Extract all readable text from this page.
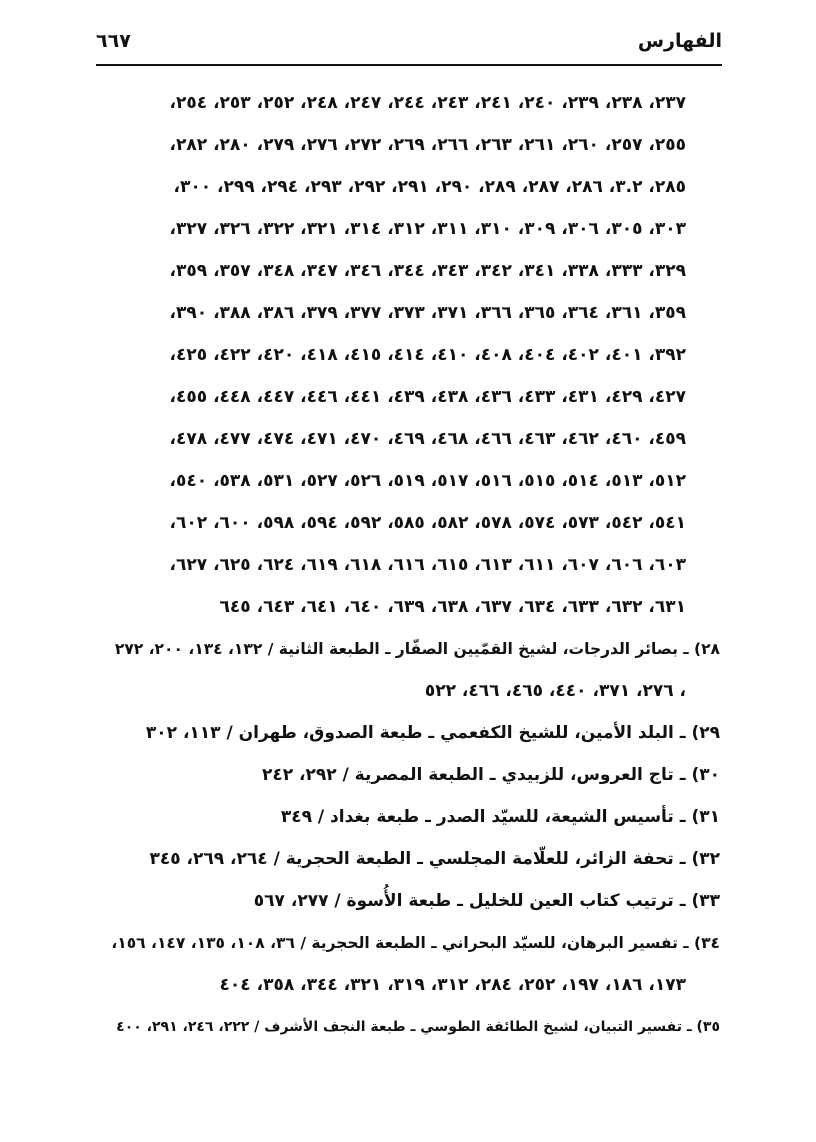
الفهارس
٦٦٧
٢٣٧، ٢٣٨، ٢٣٩، ٢٤٠، ٢٤١، ٢٤٣، ٢٤٤، ٢٤٧، ٢٤٨، ٢٥٢، ٢٥٣، ٢٥٤،
٢٥٥، ٢٥٧، ٢٦٠، ٢٦١، ٢٦٣، ٢٦٦، ٢٦٩، ٢٧٢، ٢٧٦، ٢٧٩، ٢٨٠، ٢٨٢،
٢٨٥، ٣.٢، ٢٨٦، ٢٨٧، ٢٨٩، ٢٩٠، ٢٩١، ٢٩٢، ٢٩٣، ٢٩٤، ٢٩٩، ٣٠٠،
٣٠٣، ٣٠٥، ٣٠٦، ٣٠٩، ٣١٠، ٣١١، ٣١٢، ٣١٤، ٣٢١، ٣٢٢، ٣٢٦، ٣٢٧،
٣٢٩، ٣٣٣، ٣٣٨، ٣٤١، ٣٤٢، ٣٤٣، ٣٤٤، ٣٤٦، ٣٤٧، ٣٤٨، ٣٥٧، ٣٥٩،
٣٥٩، ٣٦١، ٣٦٤، ٣٦٥، ٣٦٦، ٣٧١، ٣٧٣، ٣٧٧، ٣٧٩، ٣٨٦، ٣٨٨، ٣٩٠،
٣٩٢، ٤٠١، ٤٠٢، ٤٠٤، ٤٠٨، ٤١٠، ٤١٤، ٤١٥، ٤١٨، ٤٢٠، ٤٢٢، ٤٢٥،
٤٢٧، ٤٢٩، ٤٣١، ٤٣٣، ٤٣٦، ٤٣٨، ٤٣٩، ٤٤١، ٤٤٦، ٤٤٧، ٤٤٨، ٤٥٥،
٤٥٩، ٤٦٠، ٤٦٢، ٤٦٣، ٤٦٦، ٤٦٨، ٤٦٩، ٤٧٠، ٤٧١، ٤٧٤، ٤٧٧، ٤٧٨،
٥١٢، ٥١٣، ٥١٤، ٥١٥، ٥١٦، ٥١٧، ٥١٩، ٥٢٦، ٥٢٧، ٥٣١، ٥٣٨، ٥٤٠،
٥٤١، ٥٤٢، ٥٧٣، ٥٧٤، ٥٧٨، ٥٨٢، ٥٨٥، ٥٩٢، ٥٩٤، ٥٩٨، ٦٠٠، ٦٠٢،
٦٠٣، ٦٠٦، ٦٠٧، ٦١١، ٦١٣، ٦١٥، ٦١٦، ٦١٨، ٦١٩، ٦٢٤، ٦٢٥، ٦٢٧،
٦٣١، ٦٣٢، ٦٣٣، ٦٣٤، ٦٣٧، ٦٣٨، ٦٣٩، ٦٤٠، ٦٤١، ٦٤٣، ٦٤٥
٢٨) ـ بصائر الدرجات، لشيخ القمّيين الصفّار ـ الطبعة الثانية / ١٣٢، ١٣٤، ٢٠٠، ٢٧٢
، ٢٧٦، ٣٧١، ٤٤٠، ٤٦٥، ٤٦٦، ٥٢٢
٢٩) ـ البلد الأمين، للشيخ الكفعمي ـ طبعة الصدوق، طهران / ١١٣، ٣٠٢
٣٠) ـ تاج العروس، للزبيدي ـ الطبعة المصرية / ٢٩٢، ٢٤٢
٣١) ـ تأسيس الشيعة، للسيّد الصدر ـ طبعة بغداد / ٣٤٩
٣٢) ـ تحفة الزائر، للعلّامة المجلسي ـ الطبعة الحجرية / ٢٦٤، ٢٦٩، ٣٤٥
٣٣) ـ ترتيب كتاب العين للخليل ـ طبعة الأُسوة / ٢٧٧، ٥٦٧
٣٤) ـ تفسير البرهان، للسيّد البحراني ـ الطبعة الحجرية / ٣٦، ١٠٨، ١٣٥، ١٤٧، ١٥٦،
١٧٣، ١٨٦، ١٩٧، ٢٥٢، ٢٨٤، ٣١٢، ٣١٩، ٣٢١، ٣٤٤، ٣٥٨، ٤٠٤
٣٥) ـ تفسير التبيان، لشيخ الطائفة الطوسي ـ طبعة النجف الأشرف / ٢٢٢، ٢٤٦، ٢٩١، ٤٠٠
